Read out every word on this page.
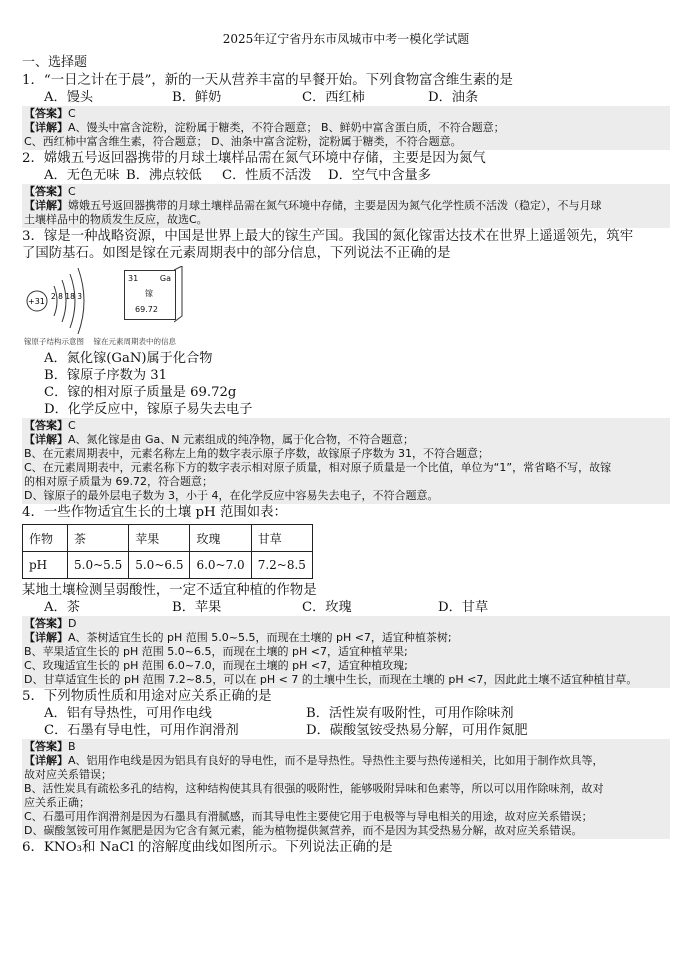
2025年辽宁省丹东市凤城市中考一模化学试题
一、选择题

1．“一日之计在于晨”，新的一天从营养丰富的早餐开始。下列食物富含维生素的是

A．馒头	B．鲜奶	C．西红柿	D．油条

【答案】C

【详解】A、馒头中富含淀粉，淀粉属于糖类，不符合题意； B、鲜奶中富含蛋白质，不符合题意；

C、西红柿中富含维生素，符合题意； D、油条中富含淀粉，淀粉属于糖类，不符合题意。

2．嫦娥五号返回器携带的月球土壤样品需在氮气环境中存储，主要是因为氮气

A．无色无味 B．沸点较低	C．性质不活泼	D．空气中含量多

【答案】C

【详解】嫦娥五号返回器携带的月球土壤样品需在氮气环境中存储，主要是因为氮气化学性质不活泼（稳定），不与月球

土壤样品中的物质发生反应，故选C。

3．镓是一种战略资源，中国是世界上最大的镓生产国。我国的氮化镓雷达技术在世界上遥遥领先，筑牢

了国防基石。如图是镓在元素周期表中的部分信息，下列说法不正确的是

+31
2 8 18 3
31	Ga
镓
69.72
镓原子结构示意图 镓在元素周期表中的信息
A．氮化镓(GaN)属于化合物
B．镓原子序数为 31
C．镓的相对原子质量是 69.72g
D．化学反应中，镓原子易失去电子

【答案】C

【详解】A、氮化镓是由 Ga、N 元素组成的纯净物，属于化合物，不符合题意；

B、在元素周期表中，元素名称左上角的数字表示原子序数，故镓原子序数为 31，不符合题意；

C、在元素周期表中，元素名称下方的数字表示相对原子质量，相对原子质量是一个比值，单位为“1”，常省略不写，故镓

的相对原子质量为 69.72，符合题意；

D、镓原子的最外层电子数为 3，小于 4，在化学反应中容易失去电子，不符合题意。

4．一些作物适宜生长的土壤 pH 范围如表：

作物	茶	苹果	玫瑰	甘草
pH	5.0~5.5	5.0~6.5	6.0~7.0	7.2~8.5

某地土壤检测呈弱酸性，一定不适宜种植的作物是

A．茶	B．苹果	C．玫瑰	D．甘草

【答案】D

【详解】A、茶树适宜生长的 pH 范围 5.0~5.5，而现在土壤的 pH <7，适宜种植茶树;

B、苹果适宜生长的 pH 范围 5.0~6.5，而现在土壤的 pH <7，适宜种植苹果;

C、玫瑰适宜生长的 pH 范围 6.0~7.0，而现在土壤的 pH <7，适宜种植玫瑰;

D、甘草适宜生长的 pH 范围 7.2~8.5，可以在 pH < 7 的土壤中生长，而现在土壤的 pH <7，因此此土壤不适宜种植甘草。

5．下列物质性质和用途对应关系正确的是

A．铝有导热性，可用作电线	B．活性炭有吸附性，可用作除味剂
C．石墨有导电性，可用作润滑剂	D．碳酸氢铵受热易分解，可用作氮肥

【答案】B

【详解】A、铝用作电线是因为铝具有良好的导电性，而不是导热性。导热性主要与热传递相关，比如用于制作炊具等，

故对应关系错误；

B、活性炭具有疏松多孔的结构，这种结构使其具有很强的吸附性，能够吸附异味和色素等，所以可以用作除味剂，故对

应关系正确；

C、石墨可用作润滑剂是因为石墨具有滑腻感，而其导电性主要使它用于电极等与导电相关的用途，故对应关系错误；

D、碳酸氢铵可用作氮肥是因为它含有氮元素，能为植物提供氮营养，而不是因为其受热易分解，故对应关系错误。

6．KNO₃和 NaCl 的溶解度曲线如图所示。下列说法正确的是
